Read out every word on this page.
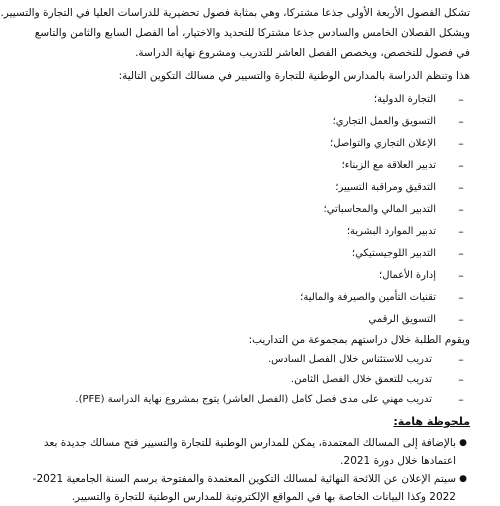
تشكل الفصول الأربعة الأولى جذعا مشتركا، وهي بمثابة فصول تحضيرية للدراسات العليا في التجارة والتسيير.
ويشكل الفصلان الخامس والسادس جذعا مشتركا للتحديد والاختيار، أما الفصل السابع والثامن والتاسع
في فصول للتخصص، ويخصص الفصل العاشر للتدريب ومشروع نهاية الدراسة.
هذا وتنظم الدراسة بالمدارس الوطنية للتجارة والتسيير في مسالك التكوين التالية:
–
التجارة الدولية؛
–
التسويق والعمل التجاري؛
–
الإعلان التجاري والتواصل؛
–
تدبير العلاقة مع الزبناء؛
–
التدقيق ومراقبة التسيير؛
–
التدبير المالي والمحاسباتي؛
–
تدبير الموارد البشرية؛
–
التدبير اللوجيستيكي؛
–
إدارة الأعمال؛
–
تقنيات التأمين والصيرفة والمالية؛
–
التسويق الرقمي
ويقوم الطلبة خلال دراستهم بمجموعة من التداريب:
–
تدريب للاستئناس خلال الفصل السادس.
–
تدريب للتعمق خلال الفصل الثامن.
–
تدريب مهني على مدى فصل كامل (الفصل العاشر) يتوج بمشروع نهاية الدراسة (PFE).
ملحوظة هامة:
●
بالإضافة إلى المسالك المعتمدة، يمكن للمدارس الوطنية للتجارة والتسيير فتح مسالك جديدة بعد
اعتمادها خلال دورة 2021.
●
سيتم الإعلان عن اللائحة النهائية لمسالك التكوين المعتمدة والمفتوحة برسم السنة الجامعية 2021-
2022 وكذا البيانات الخاصة بها في المواقع الإلكترونية للمدارس الوطنية للتجارة والتسيير.
